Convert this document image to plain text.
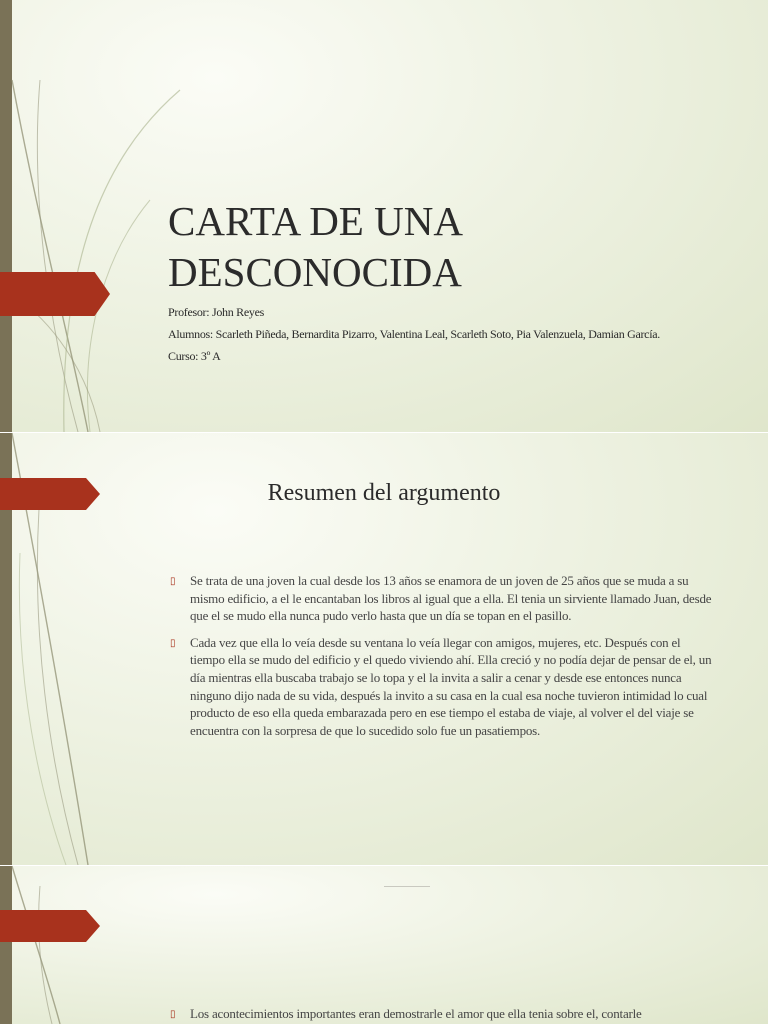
CARTA DE UNA
DESCONOCIDA
Profesor: John Reyes
Alumnos: Scarleth Piñeda, Bernardita Pizarro, Valentina Leal, Scarleth Soto, Pia Valenzuela, Damian García.
Curso: 3º A
Resumen del argumento
▯ Se trata de una joven la cual desde los 13 años se enamora de un joven de 25 años que se muda a su mismo edificio, a el le encantaban los libros al igual que a ella. El tenia un sirviente llamado Juan, desde que el se mudo ella nunca pudo verlo hasta que un día se topan en el pasillo.
▯ Cada vez que ella lo veía desde su ventana lo veía llegar con amigos, mujeres, etc. Después con el tiempo ella se mudo del edificio y el quedo viviendo ahí. Ella creció y no podía dejar de pensar de el, un día mientras ella buscaba trabajo se lo topa y el la invita a salir a cenar y desde ese entonces nunca ninguno dijo nada de su vida, después la invito a su casa en la cual esa noche tuvieron intimidad lo cual producto de eso ella queda embarazada pero en ese tiempo el estaba de viaje, al volver el del viaje se encuentra con la sorpresa de que lo sucedido solo fue un pasatiempos.
▯ Los acontecimientos importantes eran demostrarle el amor que ella tenia sobre el, contarle
